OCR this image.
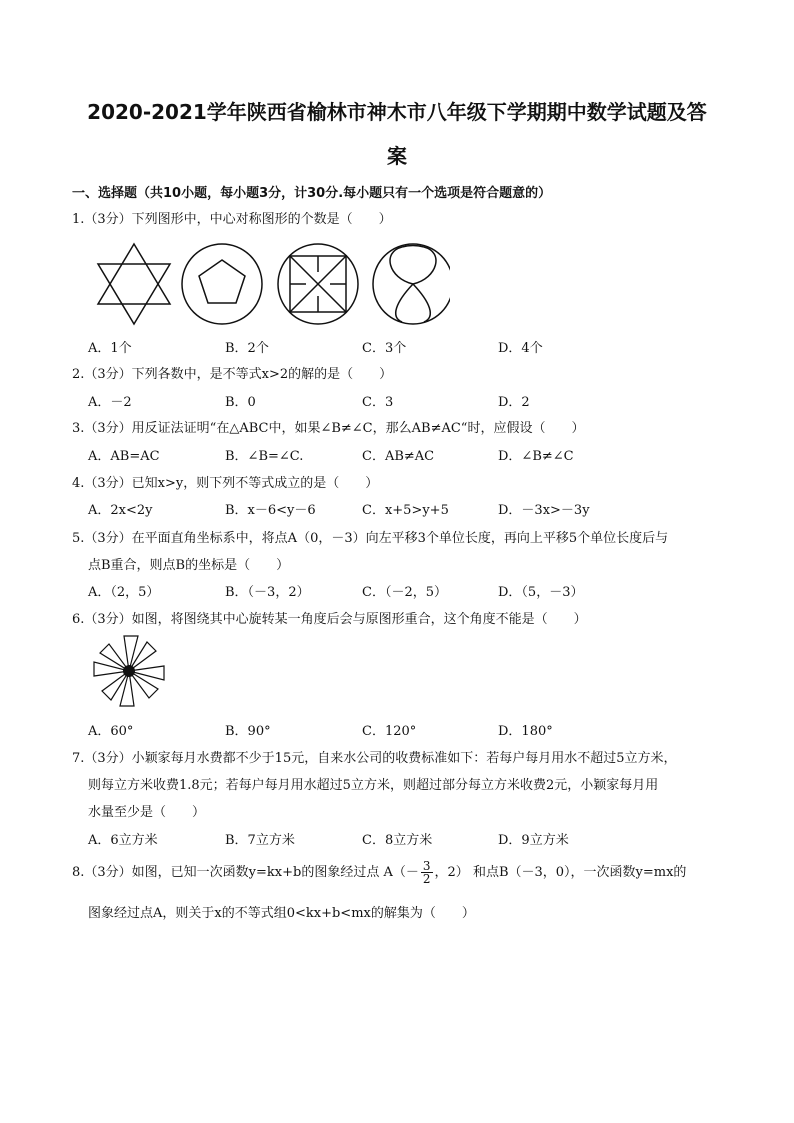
2020-2021学年陕西省榆林市神木市八年级下学期期中数学试题及答
案
一、选择题（共10小题，每小题3分，计30分.每小题只有一个选项是符合题意的）
1.（3分）下列图形中，中心对称图形的个数是（　　）
A．1个	B．2个	C．3个	D．4个
2.（3分）下列各数中，是不等式x>2的解的是（　　）
A．－2	B．0	C．3	D．2
3.（3分）用反证法证明“在△ABC中，如果∠B≠∠C，那么AB≠AC“时，应假设（　　）
A．AB=AC	B．∠B=∠C.	C．AB≠AC	D．∠B≠∠C
4.（3分）已知x>y，则下列不等式成立的是（　　）
A．2x<2y	B．x－6<y－6	C．x+5>y+5	D．－3x>－3y
5.（3分）在平面直角坐标系中，将点A（0，－3）向左平移3个单位长度，再向上平移5个单位长度后与
点B重合，则点B的坐标是（　　）
A．（2，5）	B．（－3，2）	C．（－2，5）	D．（5，－3）
6.（3分）如图，将图绕其中心旋转某一角度后会与原图形重合，这个角度不能是（　　）
A．60°	B．90°	C．120°	D．180°
7.（3分）小颖家每月水费都不少于15元，自来水公司的收费标准如下：若每户每月用水不超过5立方米，
则每立方米收费1.8元；若每户每月用水超过5立方米，则超过部分每立方米收费2元，小颖家每月用
水量至少是（　　）
A．6立方米	B．7立方米	C．8立方米	D．9立方米
8.（3分）如图，已知一次函数y=kx+b的图象经过点 $A(- \frac{3}{2}$ ，2） 和点B（－3，0），一次函数y=mx的
图象经过点A，则关于x的不等式组0<kx+b<mx的解集为（　　）
